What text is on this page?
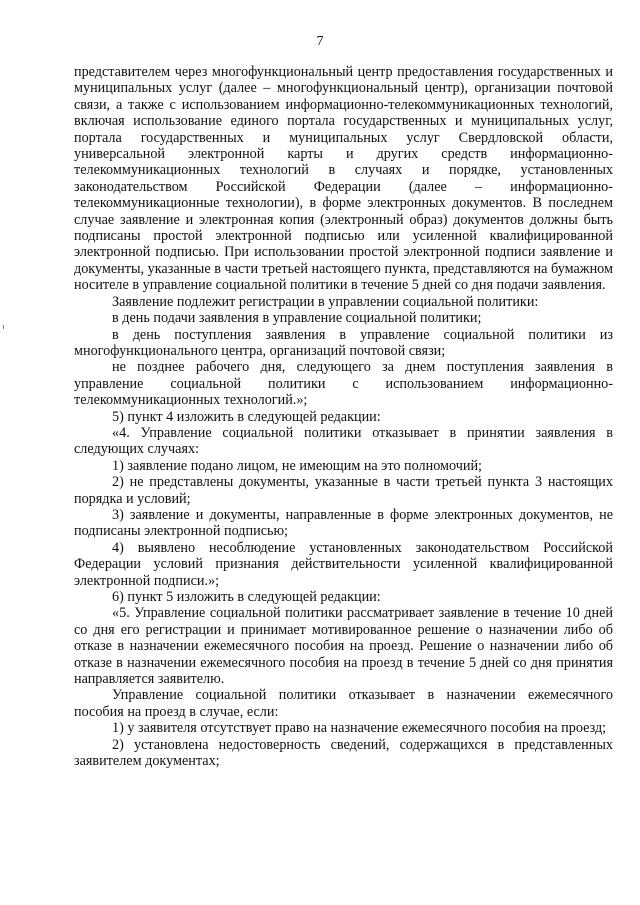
7

представителем через многофункциональный центр предоставления государственных и муниципальных услуг (далее – многофункциональный центр), организации почтовой связи, а также с использованием информационно-телекоммуникационных технологий, включая использование единого портала государственных и муниципальных услуг, портала государственных и муниципальных услуг Свердловской области, универсальной электронной карты и других средств информационно-телекоммуникационных технологий в случаях и порядке, установленных законодательством Российской Федерации (далее – информационно-телекоммуникационные технологии), в форме электронных документов. В последнем случае заявление и электронная копия (электронный образ) документов должны быть подписаны простой электронной подписью или усиленной квалифицированной электронной подписью. При использовании простой электронной подписи заявление и документы, указанные в части третьей настоящего пункта, представляются на бумажном носителе в управление социальной политики в течение 5 дней со дня подачи заявления.

Заявление подлежит регистрации в управлении социальной политики:

в день подачи заявления в управление социальной политики;

в день поступления заявления в управление социальной политики из многофункционального центра, организаций почтовой связи;

не позднее рабочего дня, следующего за днем поступления заявления в управление социальной политики с использованием информационно-телекоммуникационных технологий.»;

5) пункт 4 изложить в следующей редакции:

«4. Управление социальной политики отказывает в принятии заявления в следующих случаях:

1) заявление подано лицом, не имеющим на это полномочий;

2) не представлены документы, указанные в части третьей пункта 3 настоящих порядка и условий;

3) заявление и документы, направленные в форме электронных документов, не подписаны электронной подписью;

4) выявлено несоблюдение установленных законодательством Российской Федерации условий признания действительности усиленной квалифицированной электронной подписи.»;

6) пункт 5 изложить в следующей редакции:

«5. Управление социальной политики рассматривает заявление в течение 10 дней со дня его регистрации и принимает мотивированное решение о назначении либо об отказе в назначении ежемесячного пособия на проезд. Решение о назначении либо об отказе в назначении ежемесячного пособия на проезд в течение 5 дней со дня принятия направляется заявителю.

Управление социальной политики отказывает в назначении ежемесячного пособия на проезд в случае, если:

1) у заявителя отсутствует право на назначение ежемесячного пособия на проезд;

2) установлена недостоверность сведений, содержащихся в представленных заявителем документах;
